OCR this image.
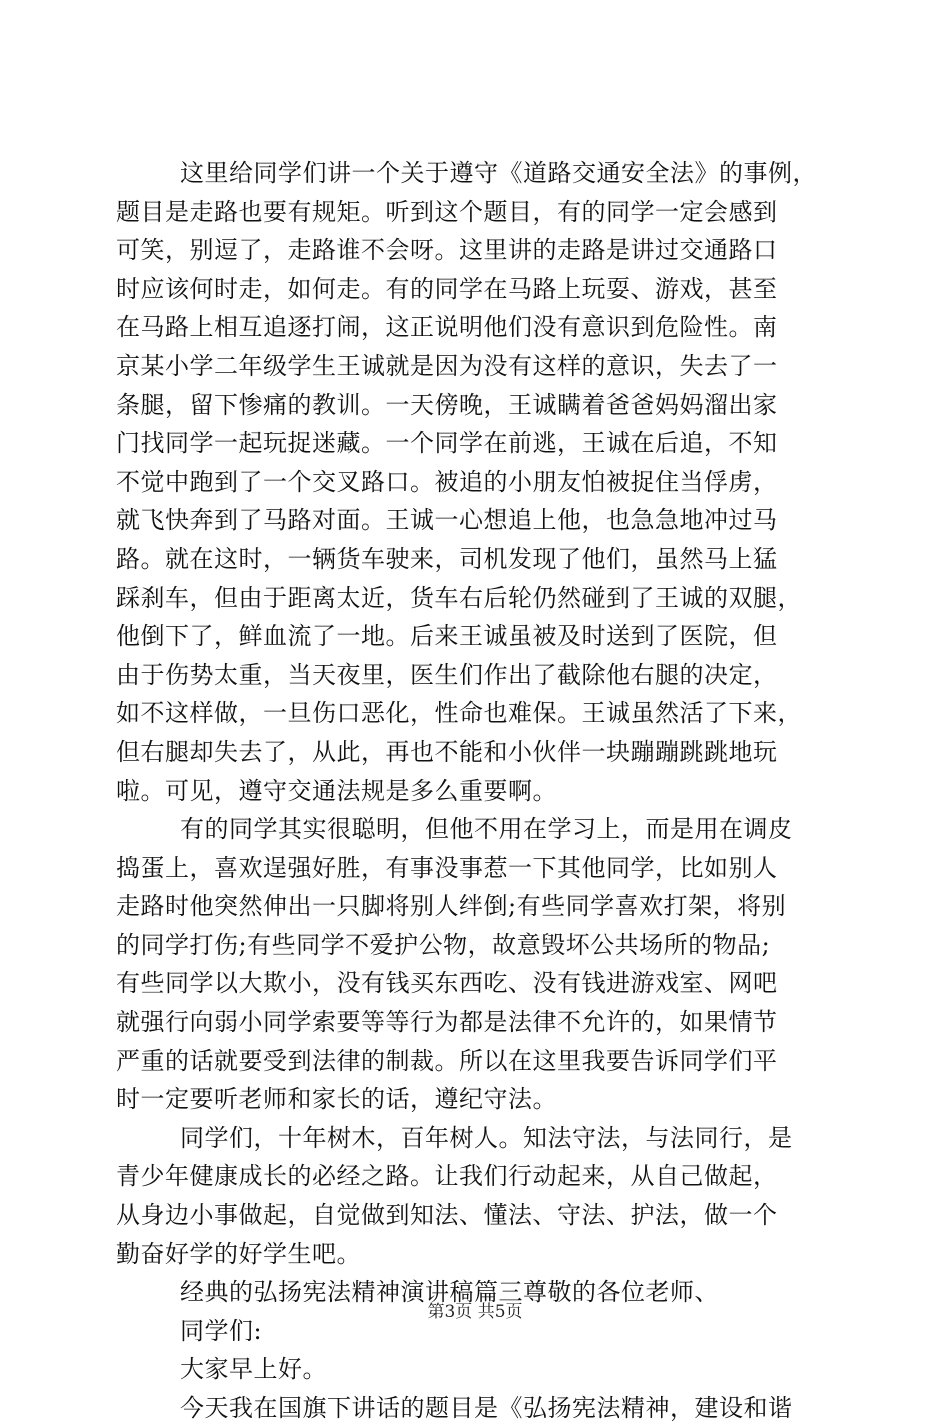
这里给同学们讲一个关于遵守《道路交通安全法》的事例，
题目是走路也要有规矩。听到这个题目，有的同学一定会感到
可笑，别逗了，走路谁不会呀。这里讲的走路是讲过交通路口
时应该何时走，如何走。有的同学在马路上玩耍、游戏，甚至
在马路上相互追逐打闹，这正说明他们没有意识到危险性。南
京某小学二年级学生王诚就是因为没有这样的意识，失去了一
条腿，留下惨痛的教训。一天傍晚，王诚瞒着爸爸妈妈溜出家
门找同学一起玩捉迷藏。一个同学在前逃，王诚在后追，不知
不觉中跑到了一个交叉路口。被追的小朋友怕被捉住当俘虏，
就飞快奔到了马路对面。王诚一心想追上他，也急急地冲过马
路。就在这时，一辆货车驶来，司机发现了他们，虽然马上猛
踩刹车，但由于距离太近，货车右后轮仍然碰到了王诚的双腿，
他倒下了，鲜血流了一地。后来王诚虽被及时送到了医院，但
由于伤势太重，当天夜里，医生们作出了截除他右腿的决定，
如不这样做，一旦伤口恶化，性命也难保。王诚虽然活了下来，
但右腿却失去了，从此，再也不能和小伙伴一块蹦蹦跳跳地玩
啦。可见，遵守交通法规是多么重要啊。
有的同学其实很聪明，但他不用在学习上，而是用在调皮
捣蛋上，喜欢逞强好胜，有事没事惹一下其他同学，比如别人
走路时他突然伸出一只脚将别人绊倒;有些同学喜欢打架，将别
的同学打伤;有些同学不爱护公物，故意毁坏公共场所的物品;
有些同学以大欺小，没有钱买东西吃、没有钱进游戏室、网吧
就强行向弱小同学索要等等行为都是法律不允许的，如果情节
严重的话就要受到法律的制裁。所以在这里我要告诉同学们平
时一定要听老师和家长的话，遵纪守法。
同学们，十年树木，百年树人。知法守法，与法同行，是
青少年健康成长的必经之路。让我们行动起来，从自己做起，
从身边小事做起，自觉做到知法、懂法、守法、护法，做一个
勤奋好学的好学生吧。
经典的弘扬宪法精神演讲稿篇三尊敬的各位老师、
同学们:
大家早上好。
今天我在国旗下讲话的题目是《弘扬宪法精神，建设和谐
第3页 共5页
